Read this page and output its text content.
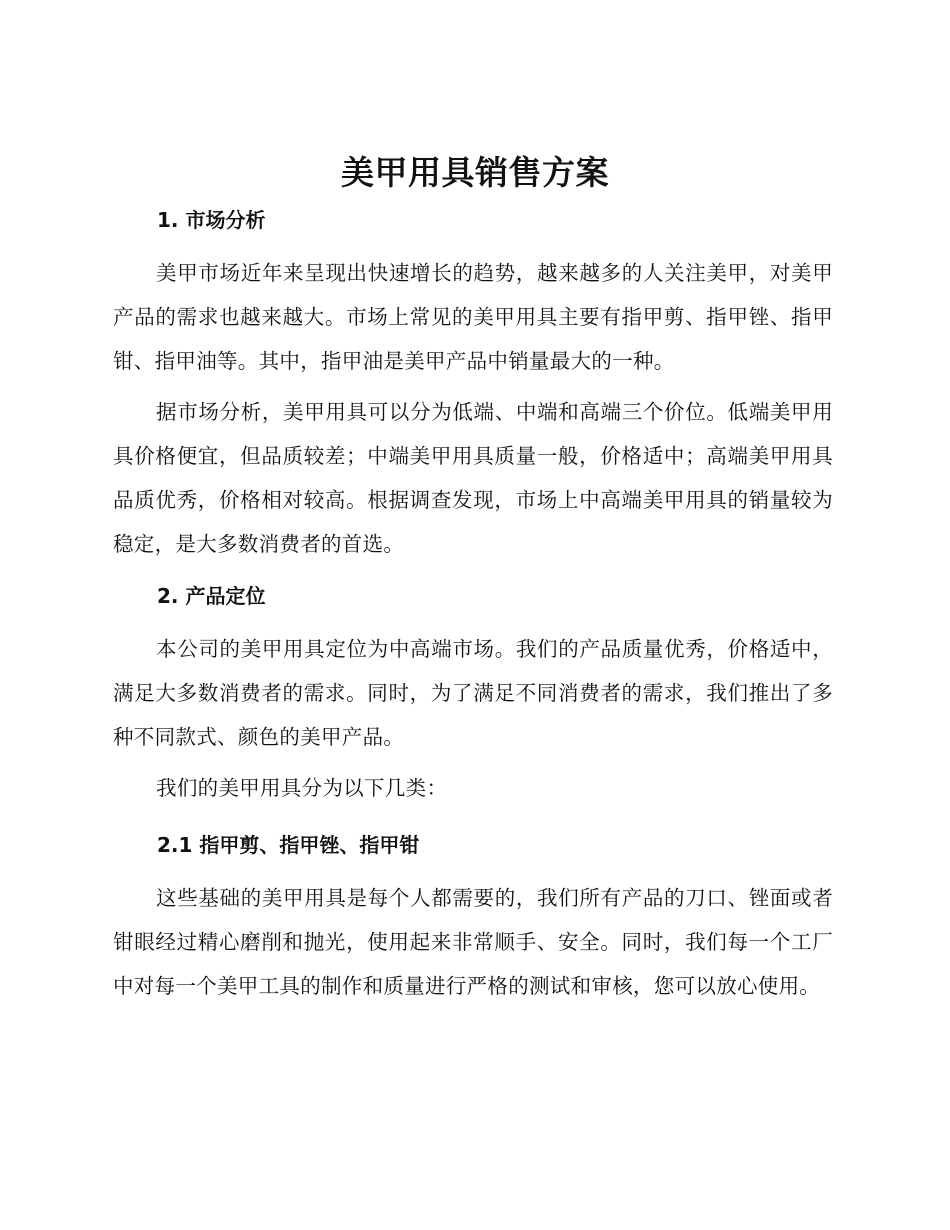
美甲用具销售方案
1. 市场分析

美甲市场近年来呈现出快速增长的趋势，越来越多的人关注美甲，对美甲产品的需求也越来越大。市场上常见的美甲用具主要有指甲剪、指甲锉、指甲钳、指甲油等。其中，指甲油是美甲产品中销量最大的一种。

据市场分析，美甲用具可以分为低端、中端和高端三个价位。低端美甲用具价格便宜，但品质较差；中端美甲用具质量一般，价格适中；高端美甲用具品质优秀，价格相对较高。根据调查发现，市场上中高端美甲用具的销量较为稳定，是大多数消费者的首选。

2. 产品定位

本公司的美甲用具定位为中高端市场。我们的产品质量优秀，价格适中，满足大多数消费者的需求。同时，为了满足不同消费者的需求，我们推出了多种不同款式、颜色的美甲产品。

我们的美甲用具分为以下几类：

2.1 指甲剪、指甲锉、指甲钳

这些基础的美甲用具是每个人都需要的，我们所有产品的刀口、锉面或者钳眼经过精心磨削和抛光，使用起来非常顺手、安全。同时，我们每一个工厂中对每一个美甲工具的制作和质量进行严格的测试和审核，您可以放心使用。
